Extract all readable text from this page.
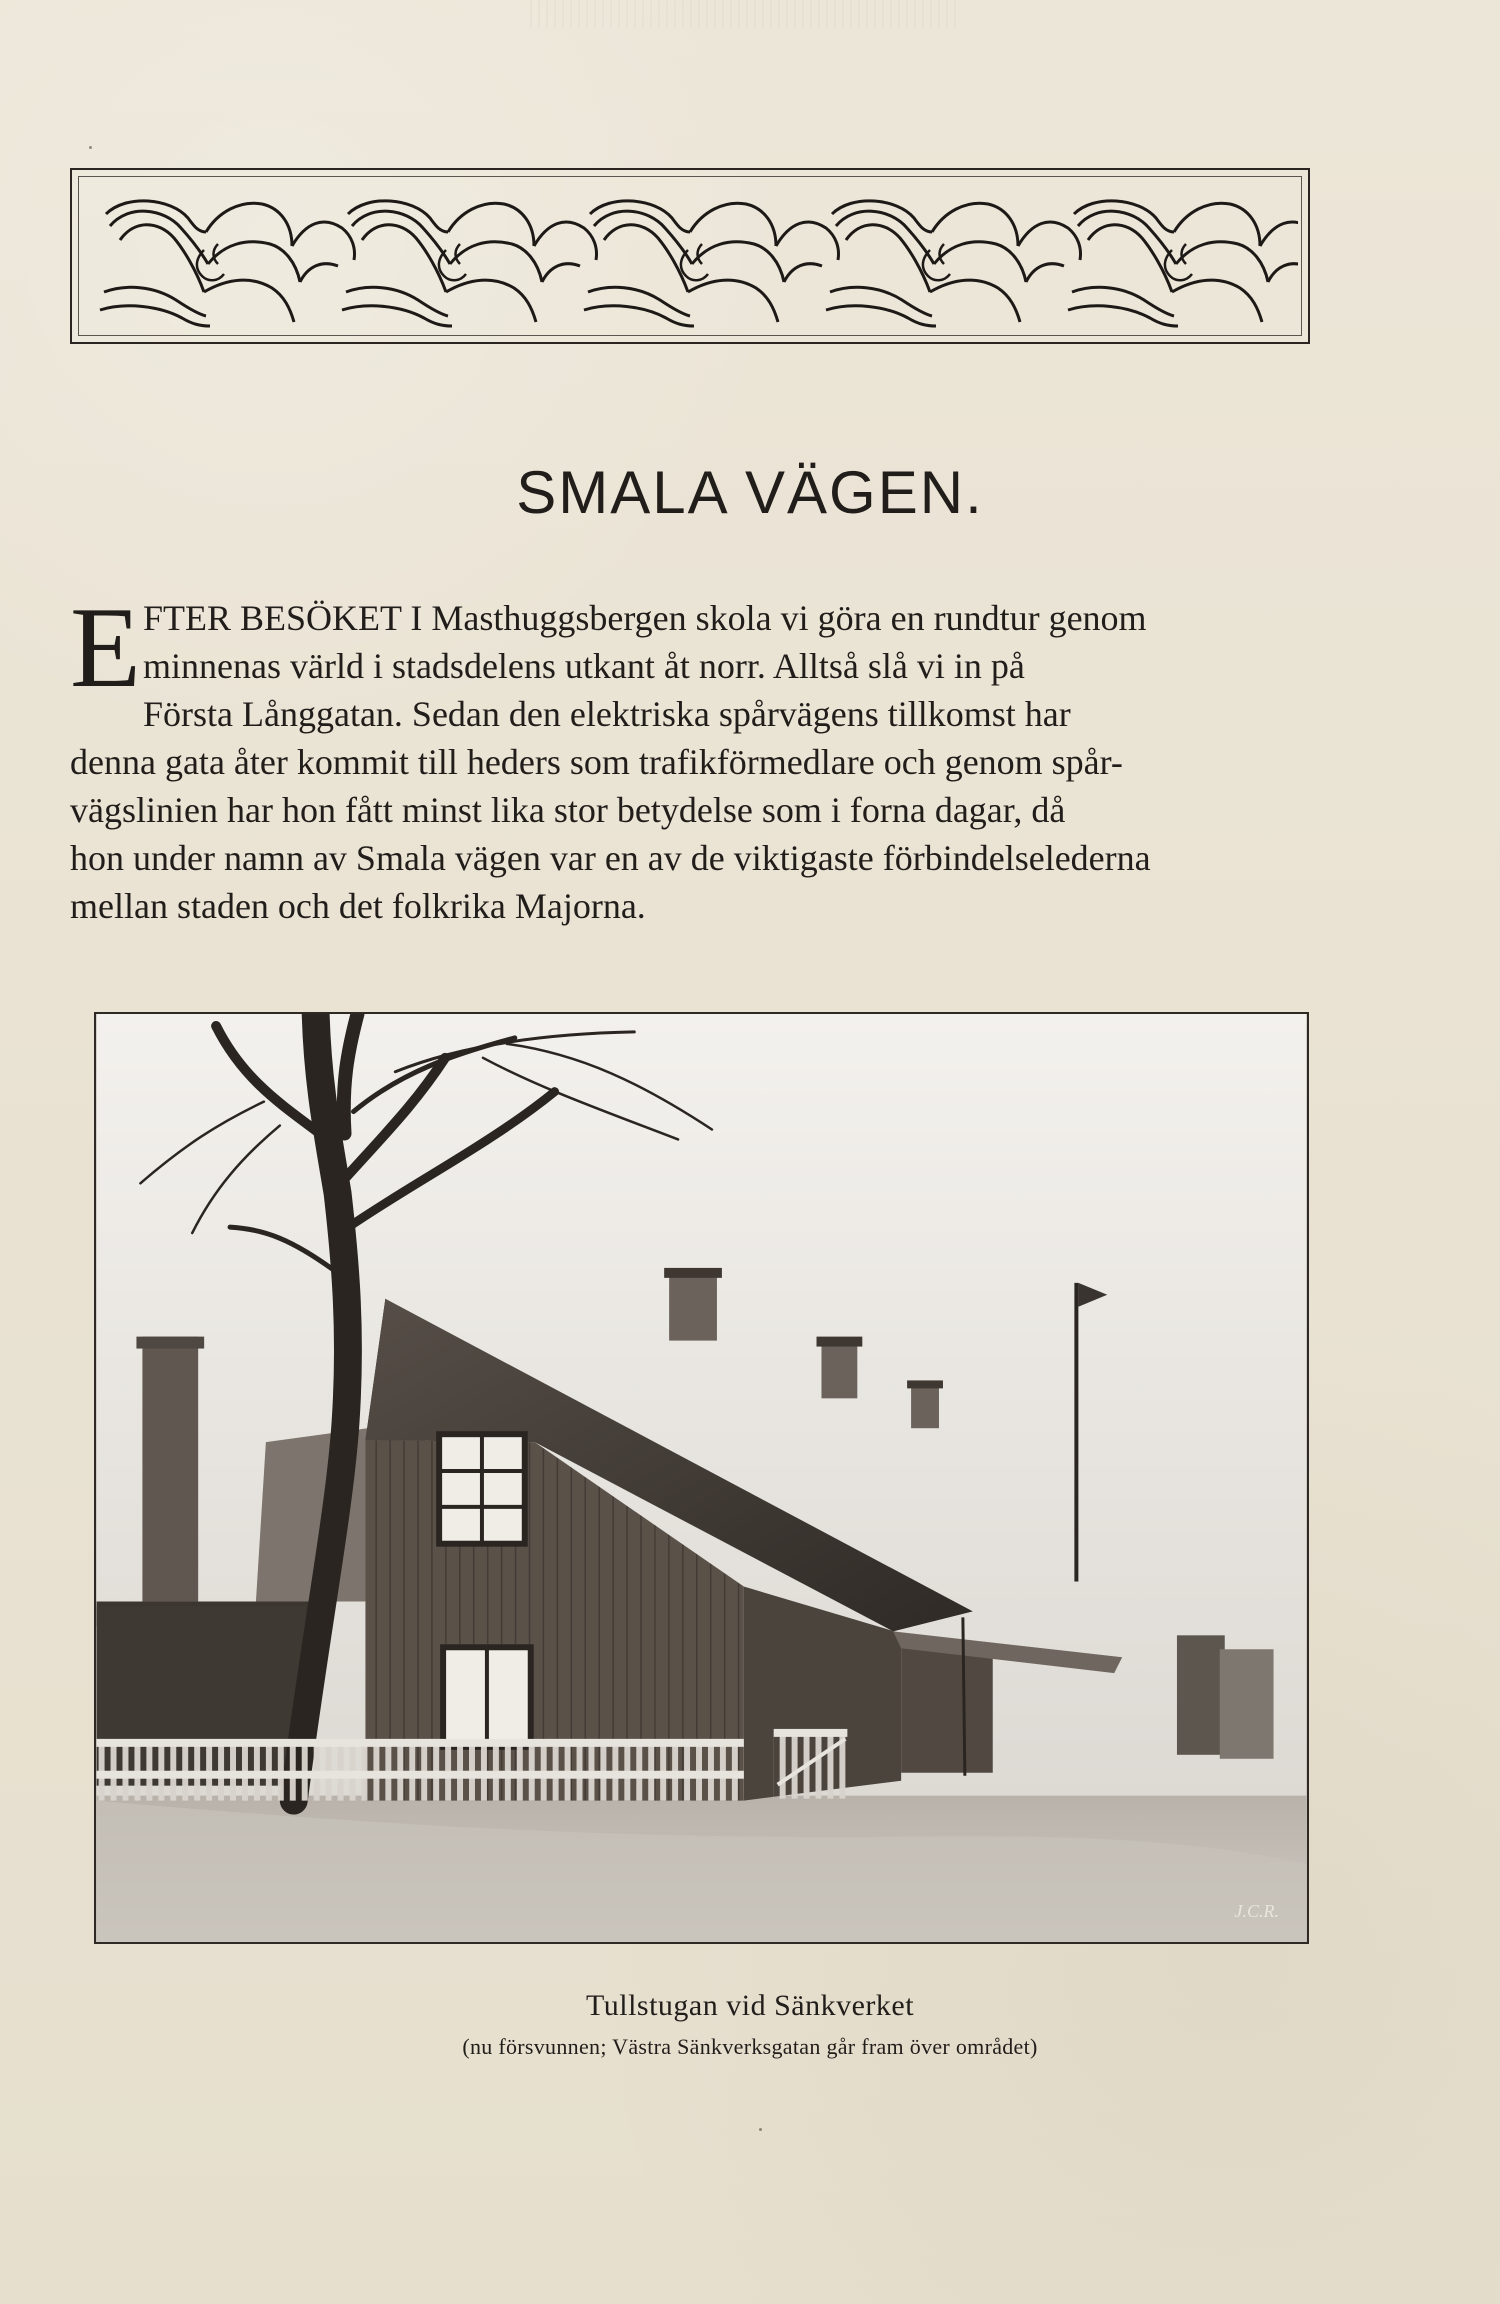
SMALA VÄGEN.
E FTER BESÖKET I Masthuggsbergen skola vi göra en rundtur genom
minnenas värld i stadsdelens utkant åt norr. Alltså slå vi in på
Första Långgatan. Sedan den elektriska spårvägens tillkomst har
denna gata åter kommit till heders som trafikförmedlare och genom spår-
vägslinien har hon fått minst lika stor betydelse som i forna dagar, då
hon under namn av Smala vägen var en av de viktigaste förbindelselederna
mellan staden och det folkrika Majorna.
J.C.R.
Tullstugan vid Sänkverket
(nu försvunnen; Västra Sänkverksgatan går fram över området)
